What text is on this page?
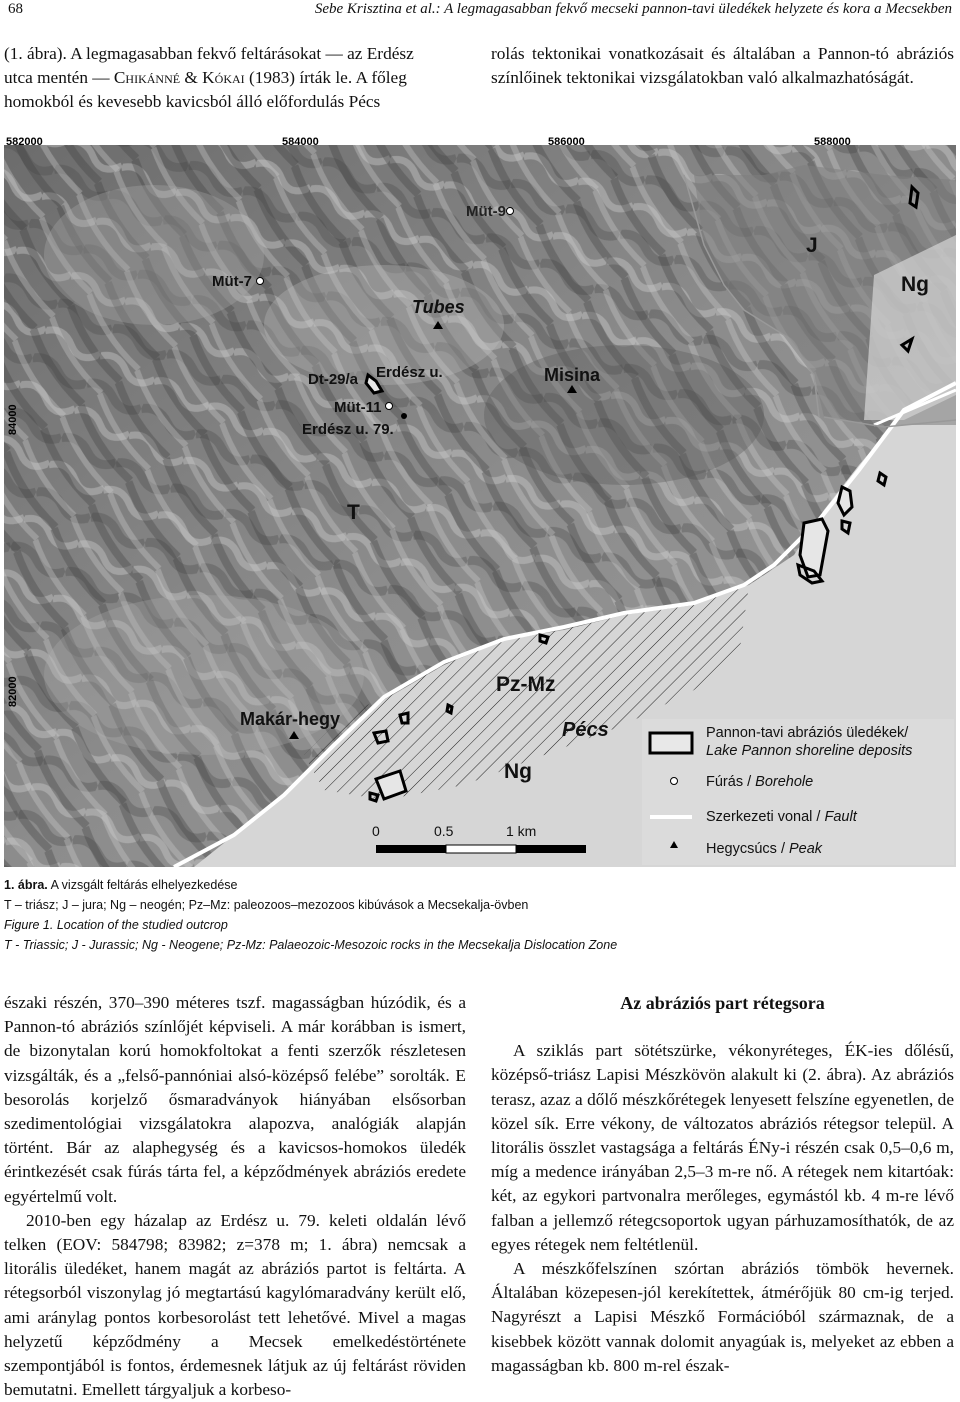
68	Sebe Krisztina et al.: A legmagasabban fekvő mecseki pannon-tavi üledékek helyzete és kora a Mecsekben

(1. ábra). A legmagasabban fekvő feltárásokat — az Erdész
utca mentén — Chikánné & Kókai (1983) írták le. A főleg
homokból és kevesebb kavicsból álló előfordulás Pécs

rolás tektonikai vonatkozásait és általában a Pannon-tó abráziós színlőinek tektonikai vizsgálatokban való alkalmazhatóságát.

582000	584000	586000	588000
84000
82000
Müt-9
Müt-7
Tubes
Dt-29/a Erdész u.
Müt-11
Erdész u. 79.
Misina
Makár-hegy	Pécs
J
Ng
T
Pz-Mz
Ng
0	0.5	1 km
Pannon-tavi abráziós üledékek/
Lake Pannon shoreline deposits
Fúrás / Borehole
Szerkezeti vonal / Fault
Hegycsúcs / Peak
1. ábra. A vizsgált feltárás elhelyezkedése
T – triász; J – jura; Ng – neogén; Pz–Mz: paleozoos–mezozoos kibúvások a Mecsekalja-övben
Figure 1. Location of the studied outcrop
T - Triassic; J - Jurassic; Ng - Neogene; Pz-Mz: Palaeozoic-Mesozoic rocks in the Mecsekalja Dislocation Zone

északi részén, 370–390 méteres tszf. magasságban húzódik, és a Pannon-tó abráziós színlőjét képviseli. A már korábban is ismert, de bizonytalan korú homokfoltokat a fenti szerzők részletesen vizsgálták, és a „felső-pannóniai alsó-középső felébe” sorolták. E besorolás korjelző ősmaradványok hiányában elsősorban szedimentológiai vizsgálatokra alapozva, analógiák alapján történt. Bár az alaphegység és a kavicsos-homokos üledék érintkezését csak fúrás tárta fel, a képződmények abráziós eredete egyértelmű volt.

2010-ben egy házalap az Erdész u. 79. keleti oldalán lévő telken (EOV: 584798; 83982; z=378 m; 1. ábra) nemcsak a litorális üledéket, hanem magát az abráziós partot is feltárta. A rétegsorból viszonylag jó megtartású kagylómaradvány került elő, ami aránylag pontos korbesorolást tett lehetővé. Mivel a magas helyzetű képződmény a Mecsek emelkedéstörténete szempontjából is fontos, érdemesnek látjuk az új feltárást röviden bemutatni. Emellett tárgyaljuk a korbeso-

Az abráziós part rétegsora

A sziklás part sötétszürke, vékonyréteges, ÉK-ies dőlésű, középső-triász Lapisi Mészkövön alakult ki (2. ábra). Az abráziós terasz, azaz a dőlő mészkőrétegek lenyesett felszíne egyenetlen, de közel sík. Erre vékony, de változatos abráziós rétegsor települ. A litorális összlet vastagsága a feltárás ÉNy-i részén csak 0,5–0,6 m, míg a medence irányában 2,5–3 m-re nő. A rétegek nem kitartóak: két, az egykori partvonalra merőleges, egymástól kb. 4 m-re lévő falban a jellemző rétegcsoportok ugyan párhuzamosíthatók, de az egyes rétegek nem feltétlenül.

A mészkőfelszínen szórtan abráziós tömbök hevernek. Általában közepesen-jól kerekítettek, átmérőjük 80 cm-ig terjed. Nagyrészt a Lapisi Mészkő Formációból származnak, de a kisebbek között vannak dolomit anyagúak is, melyeket az ebben a magasságban kb. 800 m-rel észak-
